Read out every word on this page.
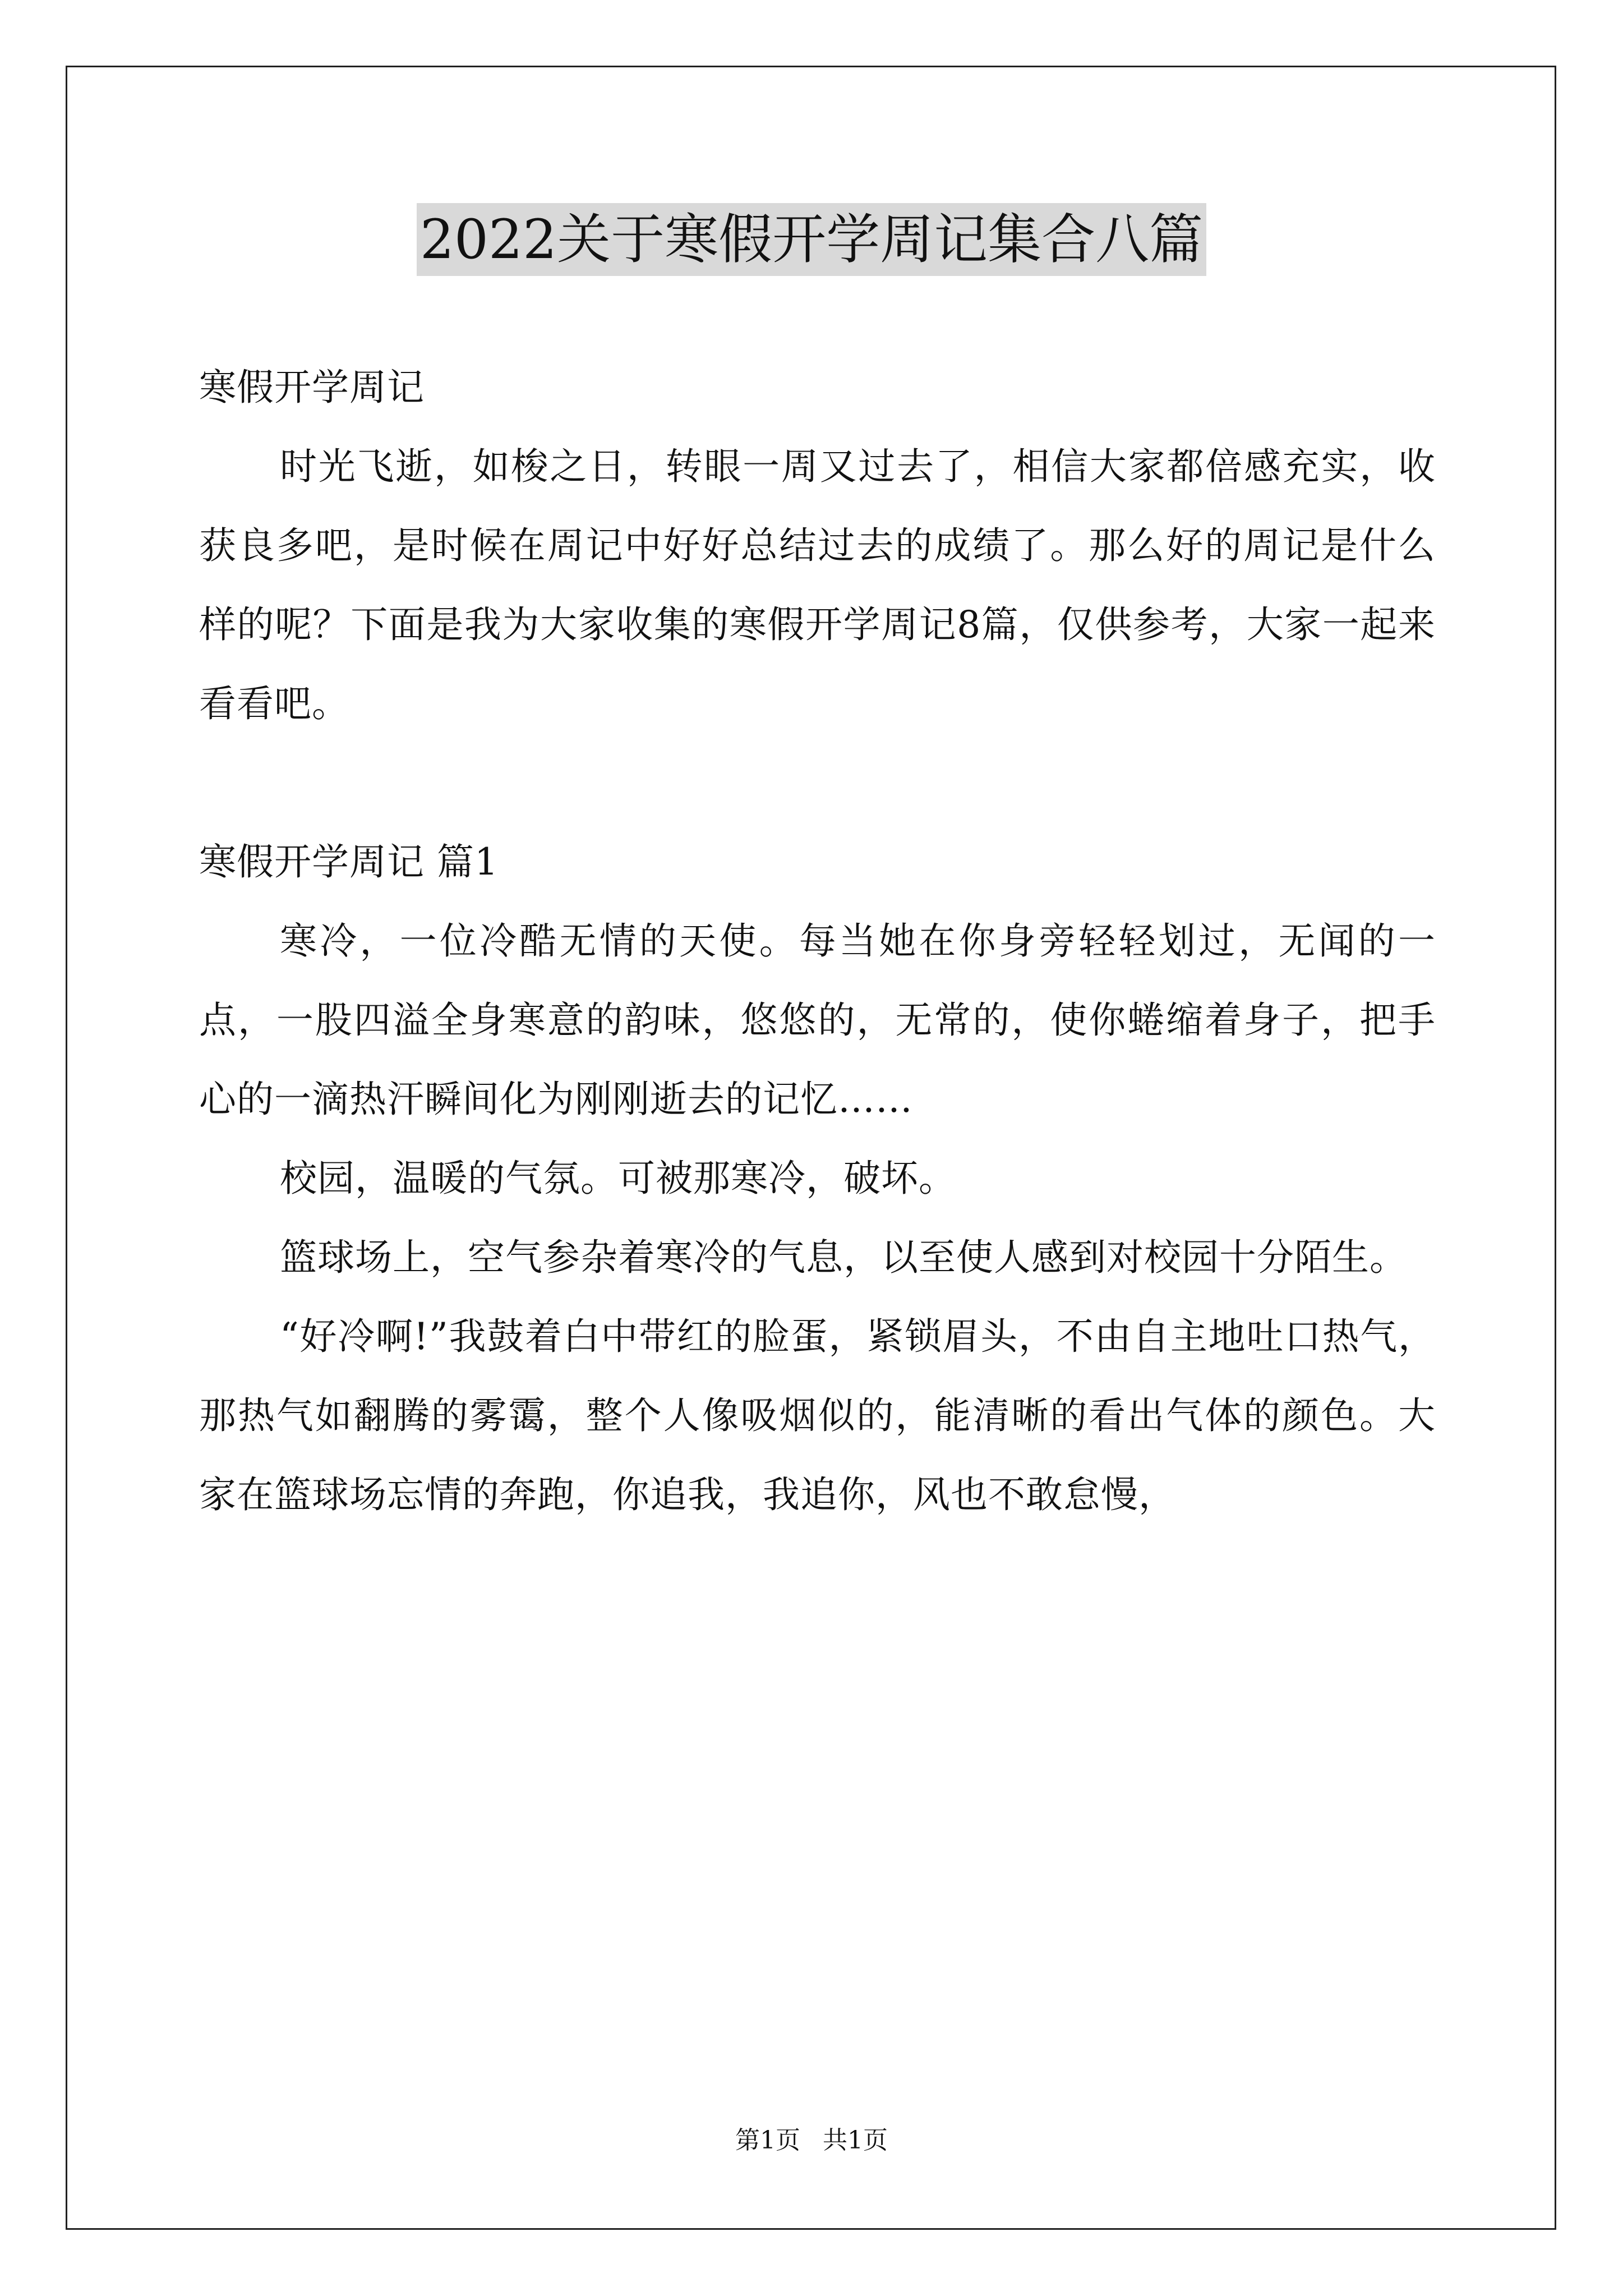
2022关于寒假开学周记集合八篇

寒假开学周记

时光飞逝，如梭之日，转眼一周又过去了，相信大家都倍感充实，收获良多吧，是时候在周记中好好总结过去的成绩了。那么好的周记是什么样的呢？下面是我为大家收集的寒假开学周记8篇，仅供参考，大家一起来看看吧。

寒假开学周记 篇1

寒冷，一位冷酷无情的天使。每当她在你身旁轻轻划过，无闻的一点，一股四溢全身寒意的韵味，悠悠的，无常的，使你蜷缩着身子，把手心的一滴热汗瞬间化为刚刚逝去的记忆……

校园，温暖的气氛。可被那寒冷，破坏。

篮球场上，空气参杂着寒冷的气息，以至使人感到对校园十分陌生。

“好冷啊!”我鼓着白中带红的脸蛋，紧锁眉头，不由自主地吐口热气，那热气如翻腾的雾霭，整个人像吸烟似的，能清晰的看出气体的颜色。大家在篮球场忘情的奔跑，你追我，我追你，风也不敢怠慢，

第1页 共1页
